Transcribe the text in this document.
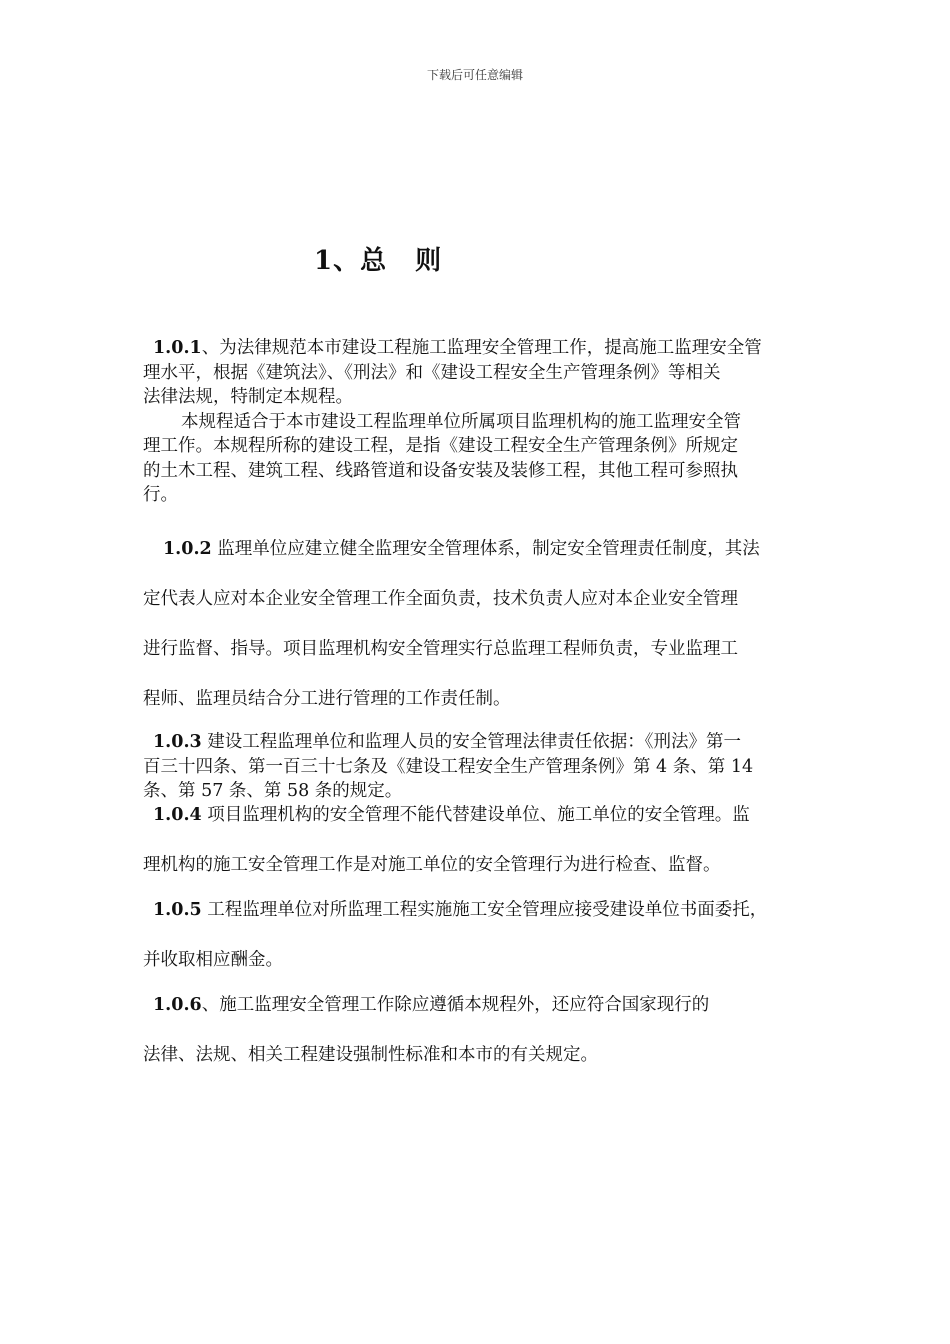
下载后可任意编辑
1、总 则
1.0.1、为法律规范本市建设工程施工监理安全管理工作，提高施工监理安全管
理水平，根据《建筑法》、《刑法》和《建设工程安全生产管理条例》等相关
法律法规，特制定本规程。
本规程适合于本市建设工程监理单位所属项目监理机构的施工监理安全管
理工作。本规程所称的建设工程，是指《建设工程安全生产管理条例》所规定
的土木工程、建筑工程、线路管道和设备安装及装修工程，其他工程可参照执
行。
1.0.2 监理单位应建立健全监理安全管理体系，制定安全管理责任制度，其法
定代表人应对本企业安全管理工作全面负责，技术负责人应对本企业安全管理
进行监督、指导。项目监理机构安全管理实行总监理工程师负责，专业监理工
程师、监理员结合分工进行管理的工作责任制。
1.0.3 建设工程监理单位和监理人员的安全管理法律责任依据：《刑法》第一
百三十四条、第一百三十七条及《建设工程安全生产管理条例》第 4 条、第 14
条、第 57 条、第 58 条的规定。
1.0.4 项目监理机构的安全管理不能代替建设单位、施工单位的安全管理。监
理机构的施工安全管理工作是对施工单位的安全管理行为进行检查、监督。
1.0.5 工程监理单位对所监理工程实施施工安全管理应接受建设单位书面委托，
并收取相应酬金。
1.0.6、施工监理安全管理工作除应遵循本规程外，还应符合国家现行的
法律、法规、相关工程建设强制性标准和本市的有关规定。
